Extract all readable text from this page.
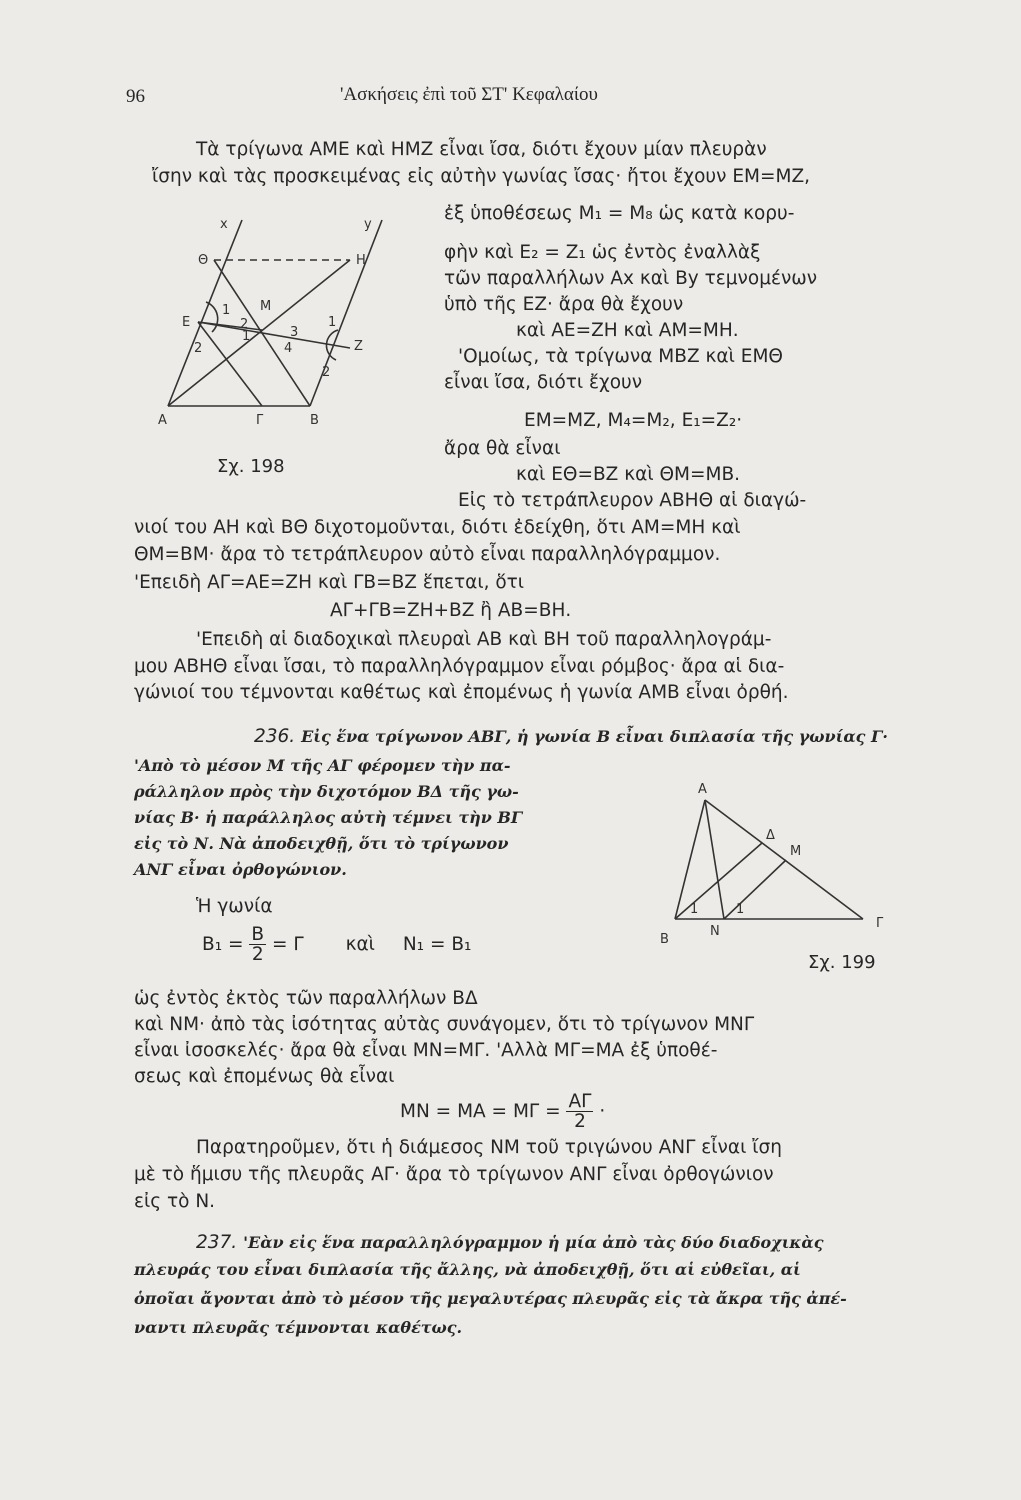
96	'Ασκήσεις ἐπὶ τοῦ ΣΤ' Κεφαλαίου
x	y
Θ	Η
Μ
Ε
Ζ
Α	Γ	Β
1
2
1	3
4
1
2
2
Σχ. 198
Α
Δ
Μ
Β
Ν
Γ
1	1
Σχ. 199
Τὰ τρίγωνα ΑΜΕ καὶ ΗΜΖ εἶναι ἴσα, διότι ἔχουν μίαν πλευρὰν
ἴσην καὶ τὰς προσκειμένας εἰς αὐτὴν γωνίας ἴσας· ἤτοι ἔχουν ΕΜ=ΜΖ,
ἐξ ὑποθέσεως M₁ = M₈ ὡς κατὰ κορυ-
φὴν καὶ E₂ = Z₁ ὡς ἐντὸς ἐναλλὰξ
τῶν παραλλήλων Αx καὶ Βy τεμνομένων
ὑπὸ τῆς ΕΖ· ἄρα θὰ ἔχουν
καὶ ΑΕ=ΖΗ καὶ ΑΜ=ΜΗ.
'Ομοίως, τὰ τρίγωνα ΜΒΖ καὶ ΕΜΘ
εἶναι ἴσα, διότι ἔχουν
ΕΜ=ΜΖ, M₄=M₂, E₁=Z₂·
ἄρα θὰ εἶναι
καὶ ΕΘ=ΒΖ καὶ ΘΜ=ΜΒ.
Εἰς τὸ τετράπλευρον ΑΒΗΘ αἱ διαγώ-
νιοί του ΑΗ καὶ ΒΘ διχοτομοῦνται, διότι ἐδείχθη, ὅτι ΑΜ=ΜΗ καὶ
ΘΜ=ΒΜ· ἄρα τὸ τετράπλευρον αὐτὸ εἶναι παραλληλόγραμμον.
'Επειδὴ ΑΓ=ΑΕ=ΖΗ καὶ ΓΒ=ΒΖ ἕπεται, ὅτι
ΑΓ+ΓΒ=ΖΗ+ΒΖ ἢ ΑΒ=ΒΗ.
'Επειδὴ αἱ διαδοχικαὶ πλευραὶ ΑΒ καὶ ΒΗ τοῦ παραλληλογράμ-
μου ΑΒΗΘ εἶναι ἴσαι, τὸ παραλληλόγραμμον εἶναι ρόμβος· ἄρα αἱ δια-
γώνιοί του τέμνονται καθέτως καὶ ἐπομένως ἡ γωνία ΑΜΒ εἶναι ὀρθή.
236. Εἰς ἕνα τρίγωνον ΑΒΓ, ἡ γωνία Β εἶναι διπλασία τῆς γωνίας Γ·
'Απὸ τὸ μέσον Μ τῆς ΑΓ φέρομεν τὴν πα-
ράλληλον πρὸς τὴν διχοτόμον ΒΔ τῆς γω-
νίας Β· ἡ παράλληλος αὐτὴ τέμνει τὴν ΒΓ
εἰς τὸ Ν. Νὰ ἀποδειχθῇ, ὅτι τὸ τρίγωνον
ΑΝΓ εἶναι ὀρθογώνιον.
Ἡ γωνία
$B_1 = \frac{B}{2} = \Gamma$ καὶ N₁ = B₁
ὡς ἐντὸς ἐκτὸς τῶν παραλλήλων ΒΔ
καὶ ΝΜ· ἀπὸ τὰς ἰσότητας αὐτὰς συνάγομεν, ὅτι τὸ τρίγωνον ΜΝΓ
εἶναι ἰσοσκελές· ἄρα θὰ εἶναι ΜΝ=ΜΓ. 'Αλλὰ ΜΓ=ΜΑ ἐξ ὑποθέ-
σεως καὶ ἐπομένως θὰ εἶναι
$MN = MA = M\Gamma = \frac{A\Gamma}{2}$ ·
Παρατηροῦμεν, ὅτι ἡ διάμεσος ΝΜ τοῦ τριγώνου ΑΝΓ εἶναι ἴση
μὲ τὸ ἥμισυ τῆς πλευρᾶς ΑΓ· ἄρα τὸ τρίγωνον ΑΝΓ εἶναι ὀρθογώνιον
εἰς τὸ Ν.
237. 'Εὰν εἰς ἕνα παραλληλόγραμμον ἡ μία ἀπὸ τὰς δύο διαδοχικὰς
πλευράς του εἶναι διπλασία τῆς ἄλλης, νὰ ἀποδειχθῇ, ὅτι αἱ εὐθεῖαι, αἱ
ὁποῖαι ἄγονται ἀπὸ τὸ μέσον τῆς μεγαλυτέρας πλευρᾶς εἰς τὰ ἄκρα τῆς ἀπέ-
ναντι πλευρᾶς τέμνονται καθέτως.
